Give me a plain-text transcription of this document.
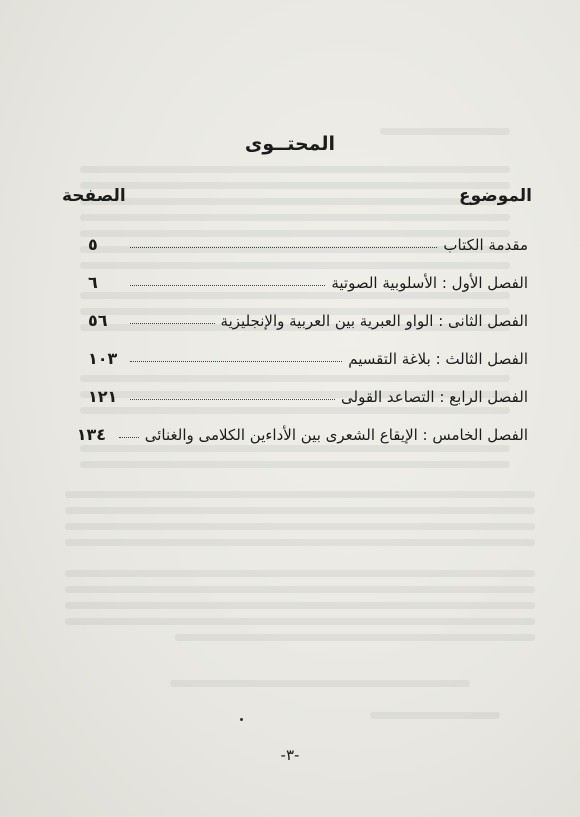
المحتــوى
الموضوع
الصفحة
مقدمة الكتاب
٥
الفصل الأول : الأسلوبية الصوتية
٦
الفصل الثانى : الواو العبرية بين العربية والإنجليزية
٥٦
الفصل الثالث : بلاغة التقسيم
١٠٣
الفصل الرابع : التصاعد القولى
١٢١
الفصل الخامس : الإيقاع الشعرى بين الأداءين الكلامى والغنائى
١٣٤
-٣-
